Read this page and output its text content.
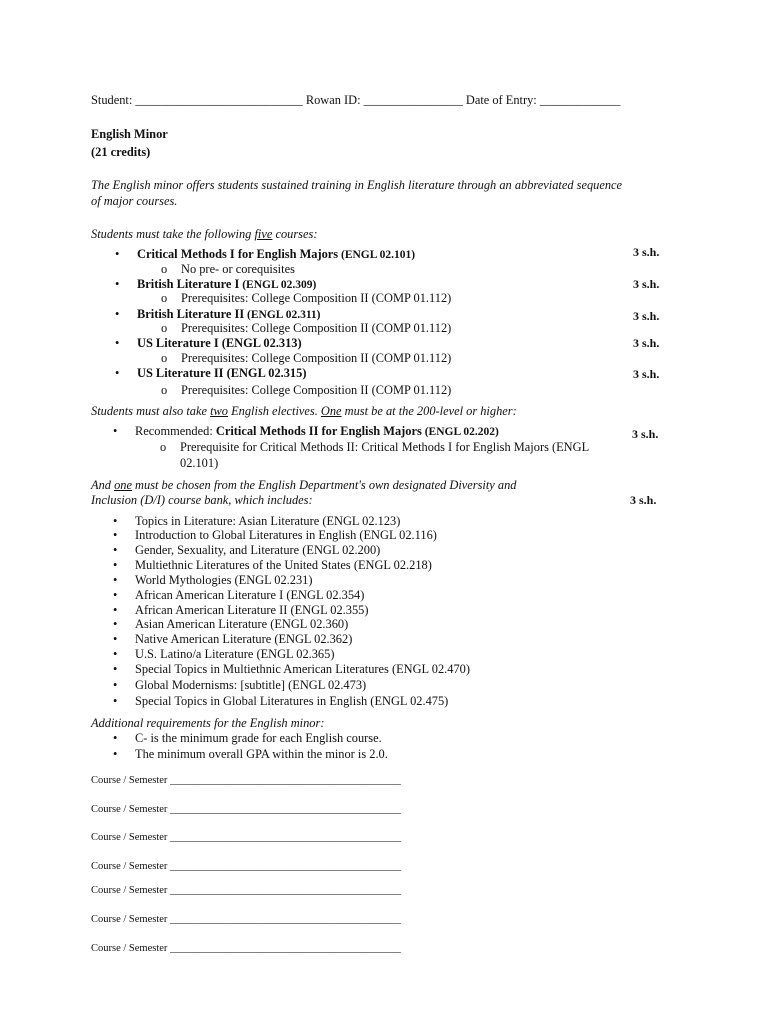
Student: ___________________________ Rowan ID: ________________ Date of Entry: _____________
English Minor
(21 credits)
The English minor offers students sustained training in English literature through an abbreviated sequence
of major courses.
Students must take the following five courses:
• Critical Methods I for English Majors (ENGL 02.101)
o No pre- or corequisites
3 s.h.
• British Literature I (ENGL 02.309)
o Prerequisites: College Composition II (COMP 01.112)
3 s.h.
• British Literature II (ENGL 02.311)
o Prerequisites: College Composition II (COMP 01.112)
3 s.h.
• US Literature I (ENGL 02.313)
o Prerequisites: College Composition II (COMP 01.112)
3 s.h.
• US Literature II (ENGL 02.315)
o Prerequisites: College Composition II (COMP 01.112)
3 s.h.
Students must also take two English electives. One must be at the 200-level or higher:
• Recommended: Critical Methods II for English Majors (ENGL 02.202)	3 s.h.
o Prerequisite for Critical Methods II: Critical Methods I for English Majors (ENGL
02.101)
And one must be chosen from the English Department's own designated Diversity and
Inclusion (D/I) course bank, which includes:	3 s.h.
• Topics in Literature: Asian Literature (ENGL 02.123)
• Introduction to Global Literatures in English (ENGL 02.116)
• Gender, Sexuality, and Literature (ENGL 02.200)
• Multiethnic Literatures of the United States (ENGL 02.218)
• World Mythologies (ENGL 02.231)
• African American Literature I (ENGL 02.354)
• African American Literature II (ENGL 02.355)
• Asian American Literature (ENGL 02.360)
• Native American Literature (ENGL 02.362)
• U.S. Latino/a Literature (ENGL 02.365)
• Special Topics in Multiethnic American Literatures (ENGL 02.470)
• Global Modernisms: [subtitle] (ENGL 02.473)
• Special Topics in Global Literatures in English (ENGL 02.475)
Additional requirements for the English minor:
• C- is the minimum grade for each English course.
• The minimum overall GPA within the minor is 2.0.
Course / Semester ____________________________________________
Course / Semester ____________________________________________
Course / Semester ____________________________________________
Course / Semester ____________________________________________
Course / Semester ____________________________________________
Course / Semester ____________________________________________
Course / Semester ____________________________________________
